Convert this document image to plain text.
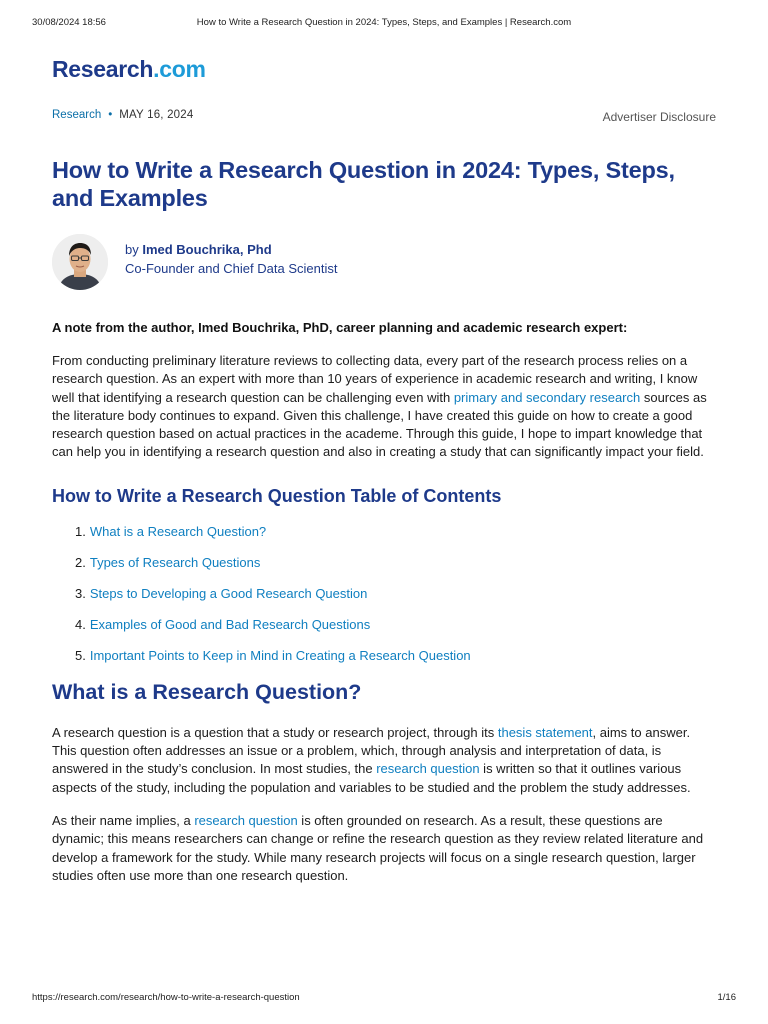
30/08/2024 18:56	How to Write a Research Question in 2024: Types, Steps, and Examples | Research.com
Research.com
Research • MAY 16, 2024	Advertiser Disclosure
How to Write a Research Question in 2024: Types, Steps, and Examples
by Imed Bouchrika, Phd
Co-Founder and Chief Data Scientist
A note from the author, Imed Bouchrika, PhD, career planning and academic research expert:

From conducting preliminary literature reviews to collecting data, every part of the research process relies on a research question. As an expert with more than 10 years of experience in academic research and writing, I know well that identifying a research question can be challenging even with primary and secondary research sources as the literature body continues to expand. Given this challenge, I have created this guide on how to create a good research question based on actual practices in the academe. Through this guide, I hope to impart knowledge that can help you in identifying a research question and also in creating a study that can significantly impact your field.

How to Write a Research Question Table of Contents
1. What is a Research Question?
2. Types of Research Questions
3. Steps to Developing a Good Research Question
4. Examples of Good and Bad Research Questions
5. Important Points to Keep in Mind in Creating a Research Question
What is a Research Question?

A research question is a question that a study or research project, through its thesis statement, aims to answer. This question often addresses an issue or a problem, which, through analysis and interpretation of data, is answered in the study’s conclusion. In most studies, the research question is written so that it outlines various aspects of the study, including the population and variables to be studied and the problem the study addresses.

As their name implies, a research question is often grounded on research. As a result, these questions are dynamic; this means researchers can change or refine the research question as they review related literature and develop a framework for the study. While many research projects will focus on a single research question, larger studies often use more than one research question.

https://research.com/research/how-to-write-a-research-question	1/16
